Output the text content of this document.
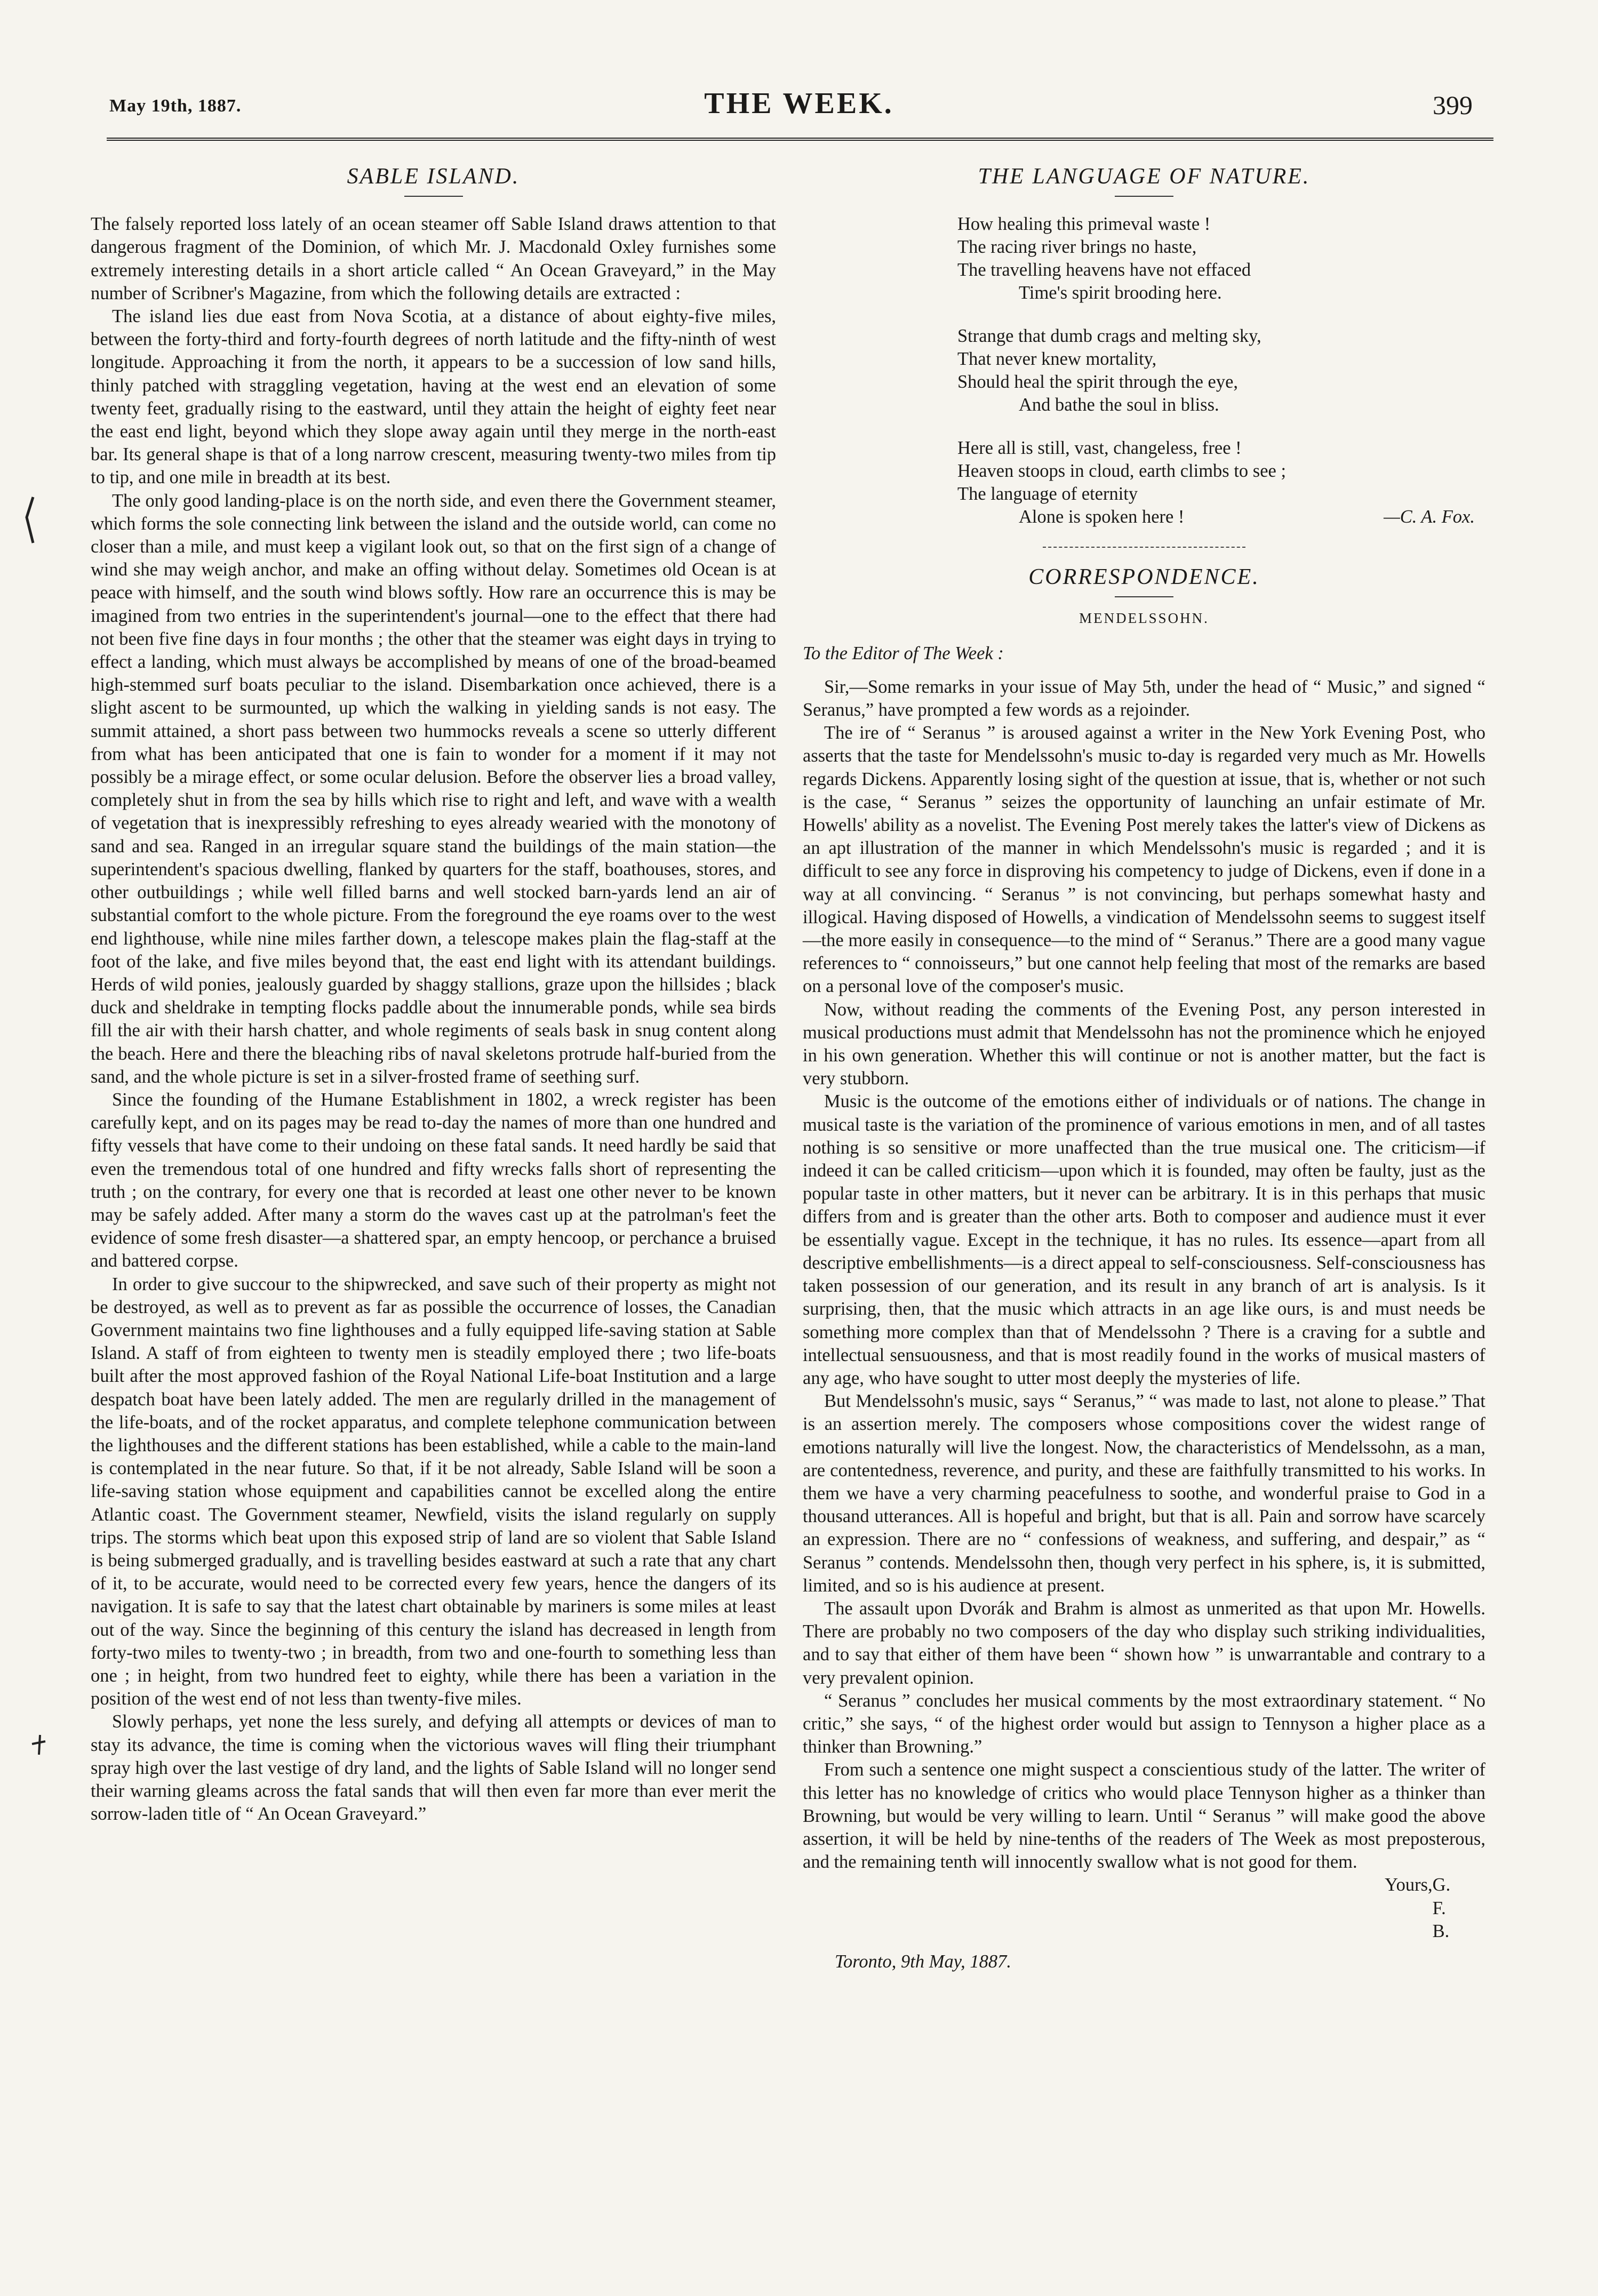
May 19th, 1887.	THE WEEK.	399
SABLE ISLAND.

The falsely reported loss lately of an ocean steamer off Sable Island draws attention to that dangerous fragment of the Dominion, of which Mr. J. Macdonald Oxley furnishes some extremely interesting details in a short article called “ An Ocean Graveyard,” in the May number of Scribner's Magazine, from which the following details are extracted :

The island lies due east from Nova Scotia, at a distance of about eighty-five miles, between the forty-third and forty-fourth degrees of north latitude and the fifty-ninth of west longitude. Approaching it from the north, it appears to be a succession of low sand hills, thinly patched with straggling vegetation, having at the west end an elevation of some twenty feet, gradually rising to the eastward, until they attain the height of eighty feet near the east end light, beyond which they slope away again until they merge in the north-east bar. Its general shape is that of a long narrow crescent, measuring twenty-two miles from tip to tip, and one mile in breadth at its best.

The only good landing-place is on the north side, and even there the Government steamer, which forms the sole connecting link between the island and the outside world, can come no closer than a mile, and must keep a vigilant look out, so that on the first sign of a change of wind she may weigh anchor, and make an offing without delay. Sometimes old Ocean is at peace with himself, and the south wind blows softly. How rare an occurrence this is may be imagined from two entries in the superintendent's journal—one to the effect that there had not been five fine days in four months ; the other that the steamer was eight days in trying to effect a landing, which must always be accomplished by means of one of the broad-beamed high-stemmed surf boats peculiar to the island. Disembarkation once achieved, there is a slight ascent to be surmounted, up which the walking in yielding sands is not easy. The summit attained, a short pass between two hummocks reveals a scene so utterly different from what has been anticipated that one is fain to wonder for a moment if it may not possibly be a mirage effect, or some ocular delusion. Before the observer lies a broad valley, completely shut in from the sea by hills which rise to right and left, and wave with a wealth of vegetation that is inexpressibly refreshing to eyes already wearied with the monotony of sand and sea. Ranged in an irregular square stand the buildings of the main station—the superintendent's spacious dwelling, flanked by quarters for the staff, boathouses, stores, and other outbuildings ; while well filled barns and well stocked barn-yards lend an air of substantial comfort to the whole picture. From the foreground the eye roams over to the west end lighthouse, while nine miles farther down, a telescope makes plain the flag-staff at the foot of the lake, and five miles beyond that, the east end light with its attendant buildings. Herds of wild ponies, jealously guarded by shaggy stallions, graze upon the hillsides ; black duck and sheldrake in tempting flocks paddle about the innumerable ponds, while sea birds fill the air with their harsh chatter, and whole regiments of seals bask in snug content along the beach. Here and there the bleaching ribs of naval skeletons protrude half-buried from the sand, and the whole picture is set in a silver-frosted frame of seething surf.

Since the founding of the Humane Establishment in 1802, a wreck register has been carefully kept, and on its pages may be read to-day the names of more than one hundred and fifty vessels that have come to their undoing on these fatal sands. It need hardly be said that even the tremendous total of one hundred and fifty wrecks falls short of representing the truth ; on the contrary, for every one that is recorded at least one other never to be known may be safely added. After many a storm do the waves cast up at the patrolman's feet the evidence of some fresh disaster—a shattered spar, an empty hencoop, or perchance a bruised and battered corpse.

In order to give succour to the shipwrecked, and save such of their property as might not be destroyed, as well as to prevent as far as possible the occurrence of losses, the Canadian Government maintains two fine lighthouses and a fully equipped life-saving station at Sable Island. A staff of from eighteen to twenty men is steadily employed there ; two life-boats built after the most approved fashion of the Royal National Life-boat Institution and a large despatch boat have been lately added. The men are regularly drilled in the management of the life-boats, and of the rocket apparatus, and complete telephone communication between the lighthouses and the different stations has been established, while a cable to the main-land is contemplated in the near future. So that, if it be not already, Sable Island will be soon a life-saving station whose equipment and capabilities cannot be excelled along the entire Atlantic coast. The Government steamer, Newfield, visits the island regularly on supply trips. The storms which beat upon this exposed strip of land are so violent that Sable Island is being submerged gradually, and is travelling besides eastward at such a rate that any chart of it, to be accurate, would need to be corrected every few years, hence the dangers of its navigation. It is safe to say that the latest chart obtainable by mariners is some miles at least out of the way. Since the beginning of this century the island has decreased in length from forty-two miles to twenty-two ; in breadth, from two and one-fourth to something less than one ; in height, from two hundred feet to eighty, while there has been a variation in the position of the west end of not less than twenty-five miles.

Slowly perhaps, yet none the less surely, and defying all attempts or devices of man to stay its advance, the time is coming when the victorious waves will fling their triumphant spray high over the last vestige of dry land, and the lights of Sable Island will no longer send their warning gleams across the fatal sands that will then even far more than ever merit the sorrow-laden title of “ An Ocean Graveyard.”

THE LANGUAGE OF NATURE.
How healing this primeval waste !
The racing river brings no haste,
The travelling heavens have not effaced
Time's spirit brooding here.
Strange that dumb crags and melting sky,
That never knew mortality,
Should heal the spirit through the eye,
And bathe the soul in bliss.
Here all is still, vast, changeless, free !
Heaven stoops in cloud, earth climbs to see ;
The language of eternity
Alone is spoken here !	—C. A. Fox.
CORRESPONDENCE.
MENDELSSOHN.
To the Editor of The Week :

Sir,—Some remarks in your issue of May 5th, under the head of “ Music,” and signed “ Seranus,” have prompted a few words as a rejoinder.

The ire of “ Seranus ” is aroused against a writer in the New York Evening Post, who asserts that the taste for Mendelssohn's music to-day is regarded very much as Mr. Howells regards Dickens. Apparently losing sight of the question at issue, that is, whether or not such is the case, “ Seranus ” seizes the opportunity of launching an unfair estimate of Mr. Howells' ability as a novelist. The Evening Post merely takes the latter's view of Dickens as an apt illustration of the manner in which Mendelssohn's music is regarded ; and it is difficult to see any force in disproving his competency to judge of Dickens, even if done in a way at all convincing. “ Seranus ” is not convincing, but perhaps somewhat hasty and illogical. Having disposed of Howells, a vindication of Mendelssohn seems to suggest itself—the more easily in consequence—to the mind of “ Seranus.” There are a good many vague references to “ connoisseurs,” but one cannot help feeling that most of the remarks are based on a personal love of the composer's music.

Now, without reading the comments of the Evening Post, any person interested in musical productions must admit that Mendelssohn has not the prominence which he enjoyed in his own generation. Whether this will continue or not is another matter, but the fact is very stubborn.

Music is the outcome of the emotions either of individuals or of nations. The change in musical taste is the variation of the prominence of various emotions in men, and of all tastes nothing is so sensitive or more unaffected than the true musical one. The criticism—if indeed it can be called criticism—upon which it is founded, may often be faulty, just as the popular taste in other matters, but it never can be arbitrary. It is in this perhaps that music differs from and is greater than the other arts. Both to composer and audience must it ever be essentially vague. Except in the technique, it has no rules. Its essence—apart from all descriptive embellishments—is a direct appeal to self-consciousness. Self-consciousness has taken possession of our generation, and its result in any branch of art is analysis. Is it surprising, then, that the music which attracts in an age like ours, is and must needs be something more complex than that of Mendelssohn ? There is a craving for a subtle and intellectual sensuousness, and that is most readily found in the works of musical masters of any age, who have sought to utter most deeply the mysteries of life.

But Mendelssohn's music, says “ Seranus,” “ was made to last, not alone to please.” That is an assertion merely. The composers whose compositions cover the widest range of emotions naturally will live the longest. Now, the characteristics of Mendelssohn, as a man, are contentedness, reverence, and purity, and these are faithfully transmitted to his works. In them we have a very charming peacefulness to soothe, and wonderful praise to God in a thousand utterances. All is hopeful and bright, but that is all. Pain and sorrow have scarcely an expression. There are no “ confessions of weakness, and suffering, and despair,” as “ Seranus ” contends. Mendelssohn then, though very perfect in his sphere, is, it is submitted, limited, and so is his audience at present.

The assault upon Dvorák and Brahm is almost as unmerited as that upon Mr. Howells. There are probably no two composers of the day who display such striking individualities, and to say that either of them have been “ shown how ” is unwarrantable and contrary to a very prevalent opinion.

“ Seranus ” concludes her musical comments by the most extraordinary statement. “ No critic,” she says, “ of the highest order would but assign to Tennyson a higher place as a thinker than Browning.”

From such a sentence one might suspect a conscientious study of the latter. The writer of this letter has no knowledge of critics who would place Tennyson higher as a thinker than Browning, but would be very willing to learn. Until “ Seranus ” will make good the above assertion, it will be held by nine-tenths of the readers of The Week as most preposterous, and the remaining tenth will innocently swallow what is not good for them.

Yours, G. F. B.
Toronto, 9th May, 1887.
